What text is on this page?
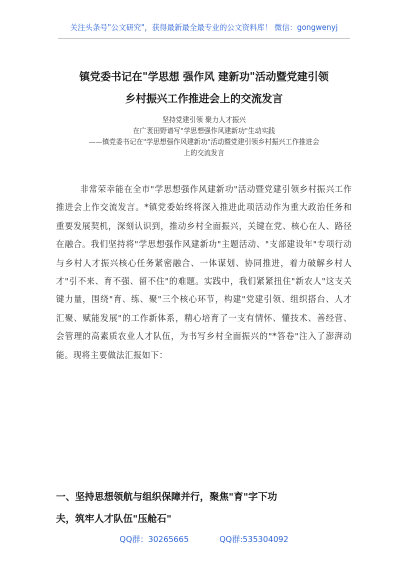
关注头条号"公文研究"，获得最新最全最专业的公文资料库！ 微信：gongwenyj
镇党委书记在"学思想 强作风 建新功"活动暨党建引领
乡村振兴工作推进会上的交流发言
坚持党建引领 聚力人才振兴
在广袤田野谱写"学思想强作风建新功"生动实践
——镇党委书记在"学思想强作风建新功"活动暨党建引领乡村振兴工作推进会
上的交流发言
非常荣幸能在全市"学思想强作风建新功"活动暨党建引领乡村振兴工作推进会上作交流发言。*镇党委始终将深入推进此项活动作为重大政治任务和重要发展契机，深刻认识到，推动乡村全面振兴，关键在党、核心在人、路径在融合。我们坚持将"学思想强作风建新功"主题活动、"支部建设年"专项行动与乡村人才振兴核心任务紧密融合、一体谋划、协同推进，着力破解乡村人才"引不来、育不强、留不住"的难题。实践中，我们紧紧扭住"新农人"这支关键力量，围绕"育、练、聚"三个核心环节，构建"党建引领、组织搭台、人才汇聚、赋能发展"的工作新体系，精心培育了一支有情怀、懂技术、善经营、会管理的高素质农业人才队伍，为书写乡村全面振兴的"*答卷"注入了澎湃动能。现将主要做法汇报如下：
一、坚持思想领航与组织保障并行，聚焦"育"字下功
夫，筑牢人才队伍"压舱石"
QQ群：30265665	QQ群:535304092
